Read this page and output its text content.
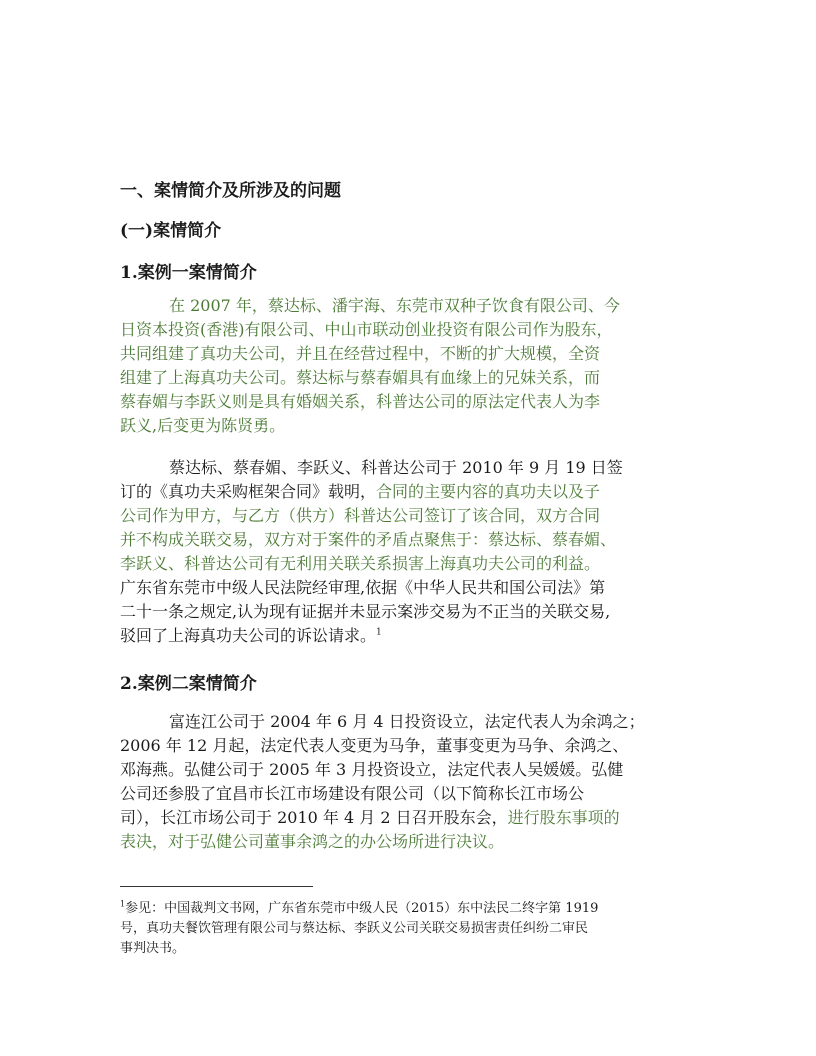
一、案情简介及所涉及的问题
(一)案情简介
1.案例一案情简介
在 2007 年，蔡达标、潘宇海、东莞市双种子饮食有限公司、今
日资本投资(香港)有限公司、中山市联动创业投资有限公司作为股东，
共同组建了真功夫公司，并且在经营过程中，不断的扩大规模，全资
组建了上海真功夫公司。蔡达标与蔡春媚具有血缘上的兄妹关系，而
蔡春媚与李跃义则是具有婚姻关系，科普达公司的原法定代表人为李
跃义,后变更为陈贤勇。
蔡达标、蔡春媚、李跃义、科普达公司于 2010 年 9 月 19 日签
订的《真功夫采购框架合同》载明，合同的主要内容的真功夫以及子
公司作为甲方，与乙方（供方）科普达公司签订了该合同，双方合同
并不构成关联交易，双方对于案件的矛盾点聚焦于：蔡达标、蔡春媚、
李跃义、科普达公司有无利用关联关系损害上海真功夫公司的利益。
广东省东莞市中级人民法院经审理,依据《中华人民共和国公司法》第
二十一条之规定,认为现有证据并未显示案涉交易为不正当的关联交易,
驳回了上海真功夫公司的诉讼请求。$^1$
2.案例二案情简介
富连江公司于 2004 年 6 月 4 日投资设立，法定代表人为余鸿之；
2006 年 12 月起，法定代表人变更为马争，董事变更为马争、余鸿之、
邓海燕。弘健公司于 2005 年 3 月投资设立，法定代表人吴媛媛。弘健
公司还参股了宜昌市长江市场建设有限公司（以下简称长江市场公
司），长江市场公司于 2010 年 4 月 2 日召开股东会，进行股东事项的
表决，对于弘健公司董事余鸿之的办公场所进行决议。
$^1$参见：中国裁判文书网，广东省东莞市中级人民（2015）东中法民二终字第 1919
号，真功夫餐饮管理有限公司与蔡达标、李跃义公司关联交易损害责任纠纷二审民
事判决书。
